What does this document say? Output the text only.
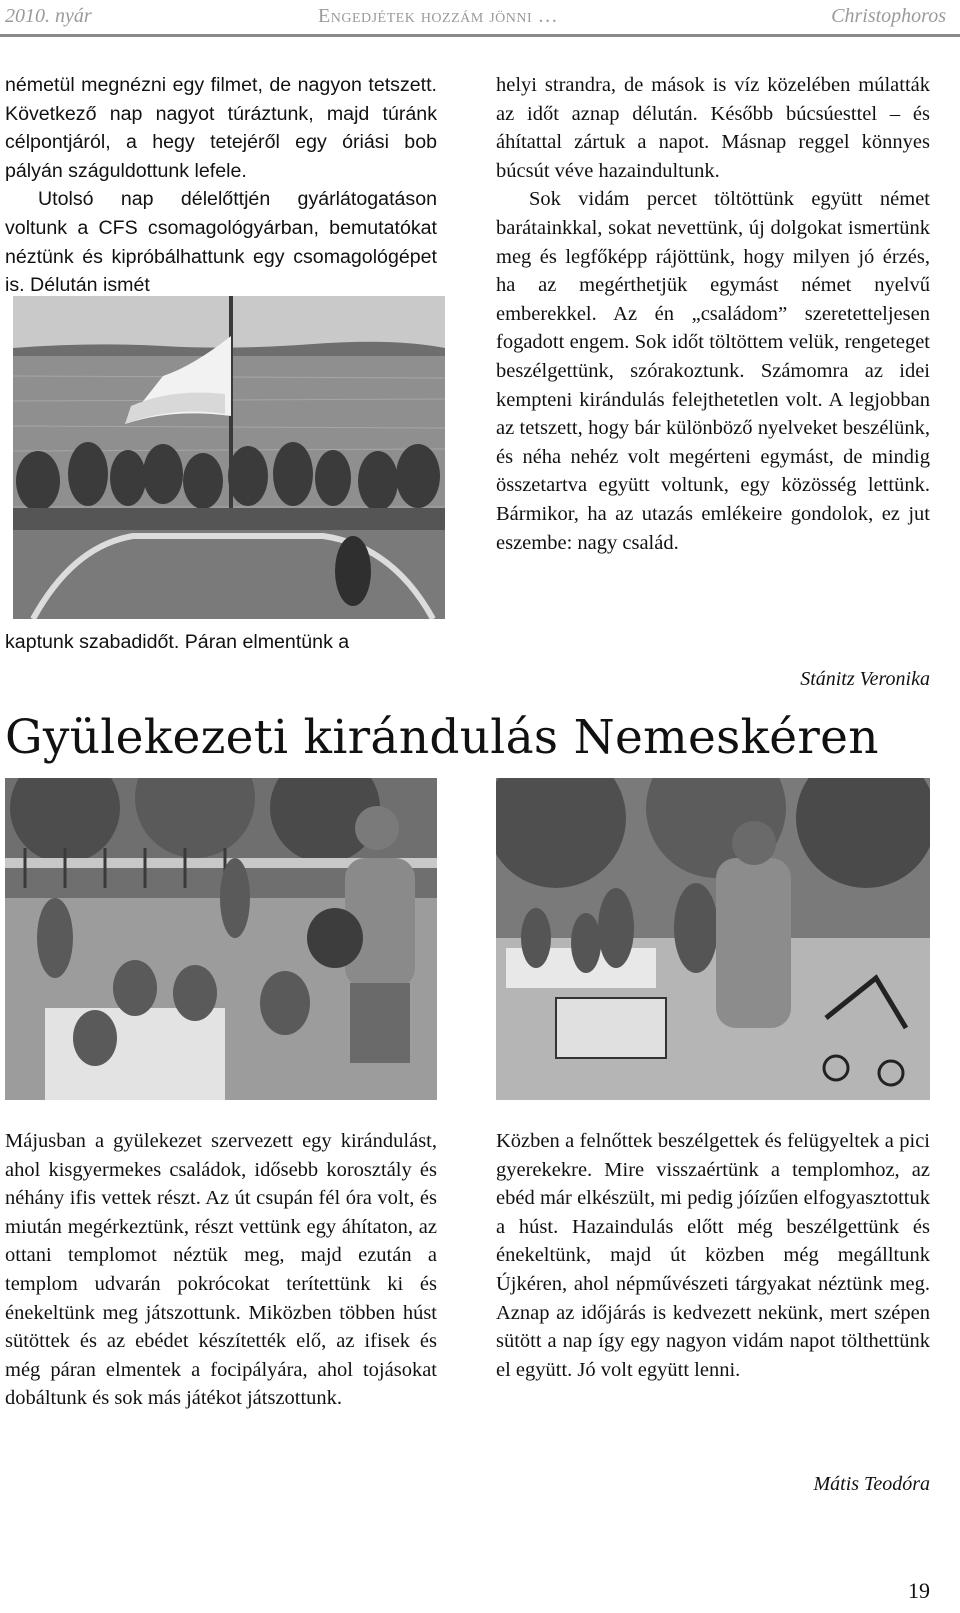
2010. nyár	Engedjétek hozzám jönni …	Christophoros

németül megnézni egy filmet, de nagyon tetszett. Következő nap nagyot túráztunk, majd túránk célpontjáról, a hegy tetejéről egy óriási bob pályán száguldottunk lefele.

Utolsó nap délelőttjén gyárlátogatáson voltunk a CFS csomagológyárban, bemutatókat néztünk és kipróbálhattunk egy csomagológépet is. Délután ismét

kaptunk szabadidőt. Páran elmentünk a

helyi strandra, de mások is víz közelében múlatták az időt aznap délután. Később búcsúesttel – és áhítattal zártuk a napot. Másnap reggel könnyes búcsút véve hazaindultunk.

Sok vidám percet töltöttünk együtt német barátainkkal, sokat nevettünk, új dolgokat ismertünk meg és legfőképp rájöttünk, hogy milyen jó érzés, ha az megérthetjük egymást német nyelvű emberekkel. Az én „családom” szeretetteljesen fogadott engem. Sok időt töltöttem velük, rengeteget beszélgettünk, szórakoztunk. Számomra az idei kempteni kirándulás felejthetetlen volt. A legjobban az tetszett, hogy bár különböző nyelveket beszélünk, és néha nehéz volt megérteni egymást, de mindig összetartva együtt voltunk, egy közösség lettünk. Bármikor, ha az utazás emlékeire gondolok, ez jut eszembe: nagy család.

Stánitz Veronika
Gyülekezeti kirándulás Nemeskéren

Májusban a gyülekezet szervezett egy kirándulást, ahol kisgyermekes családok, idősebb korosztály és néhány ifis vettek részt. Az út csupán fél óra volt, és miután megérkeztünk, részt vettünk egy áhítaton, az ottani templomot néztük meg, majd ezután a templom udvarán pokrócokat terítettünk ki és énekeltünk meg játszottunk. Miközben többen húst sütöttek és az ebédet készítették elő, az ifisek és még páran elmentek a focipályára, ahol tojásokat dobáltunk és sok más játékot játszottunk.

Közben a felnőttek beszélgettek és felügyeltek a pici gyerekekre. Mire visszaértünk a templomhoz, az ebéd már elkészült, mi pedig jóízűen elfogyasztottuk a húst. Hazaindulás előtt még beszélgettünk és énekeltünk, majd út közben még megálltunk Újkéren, ahol népművészeti tárgyakat néztünk meg. Aznap az időjárás is kedvezett nekünk, mert szépen sütött a nap így egy nagyon vidám napot tölthettünk el együtt. Jó volt együtt lenni.

Mátis Teodóra
19
